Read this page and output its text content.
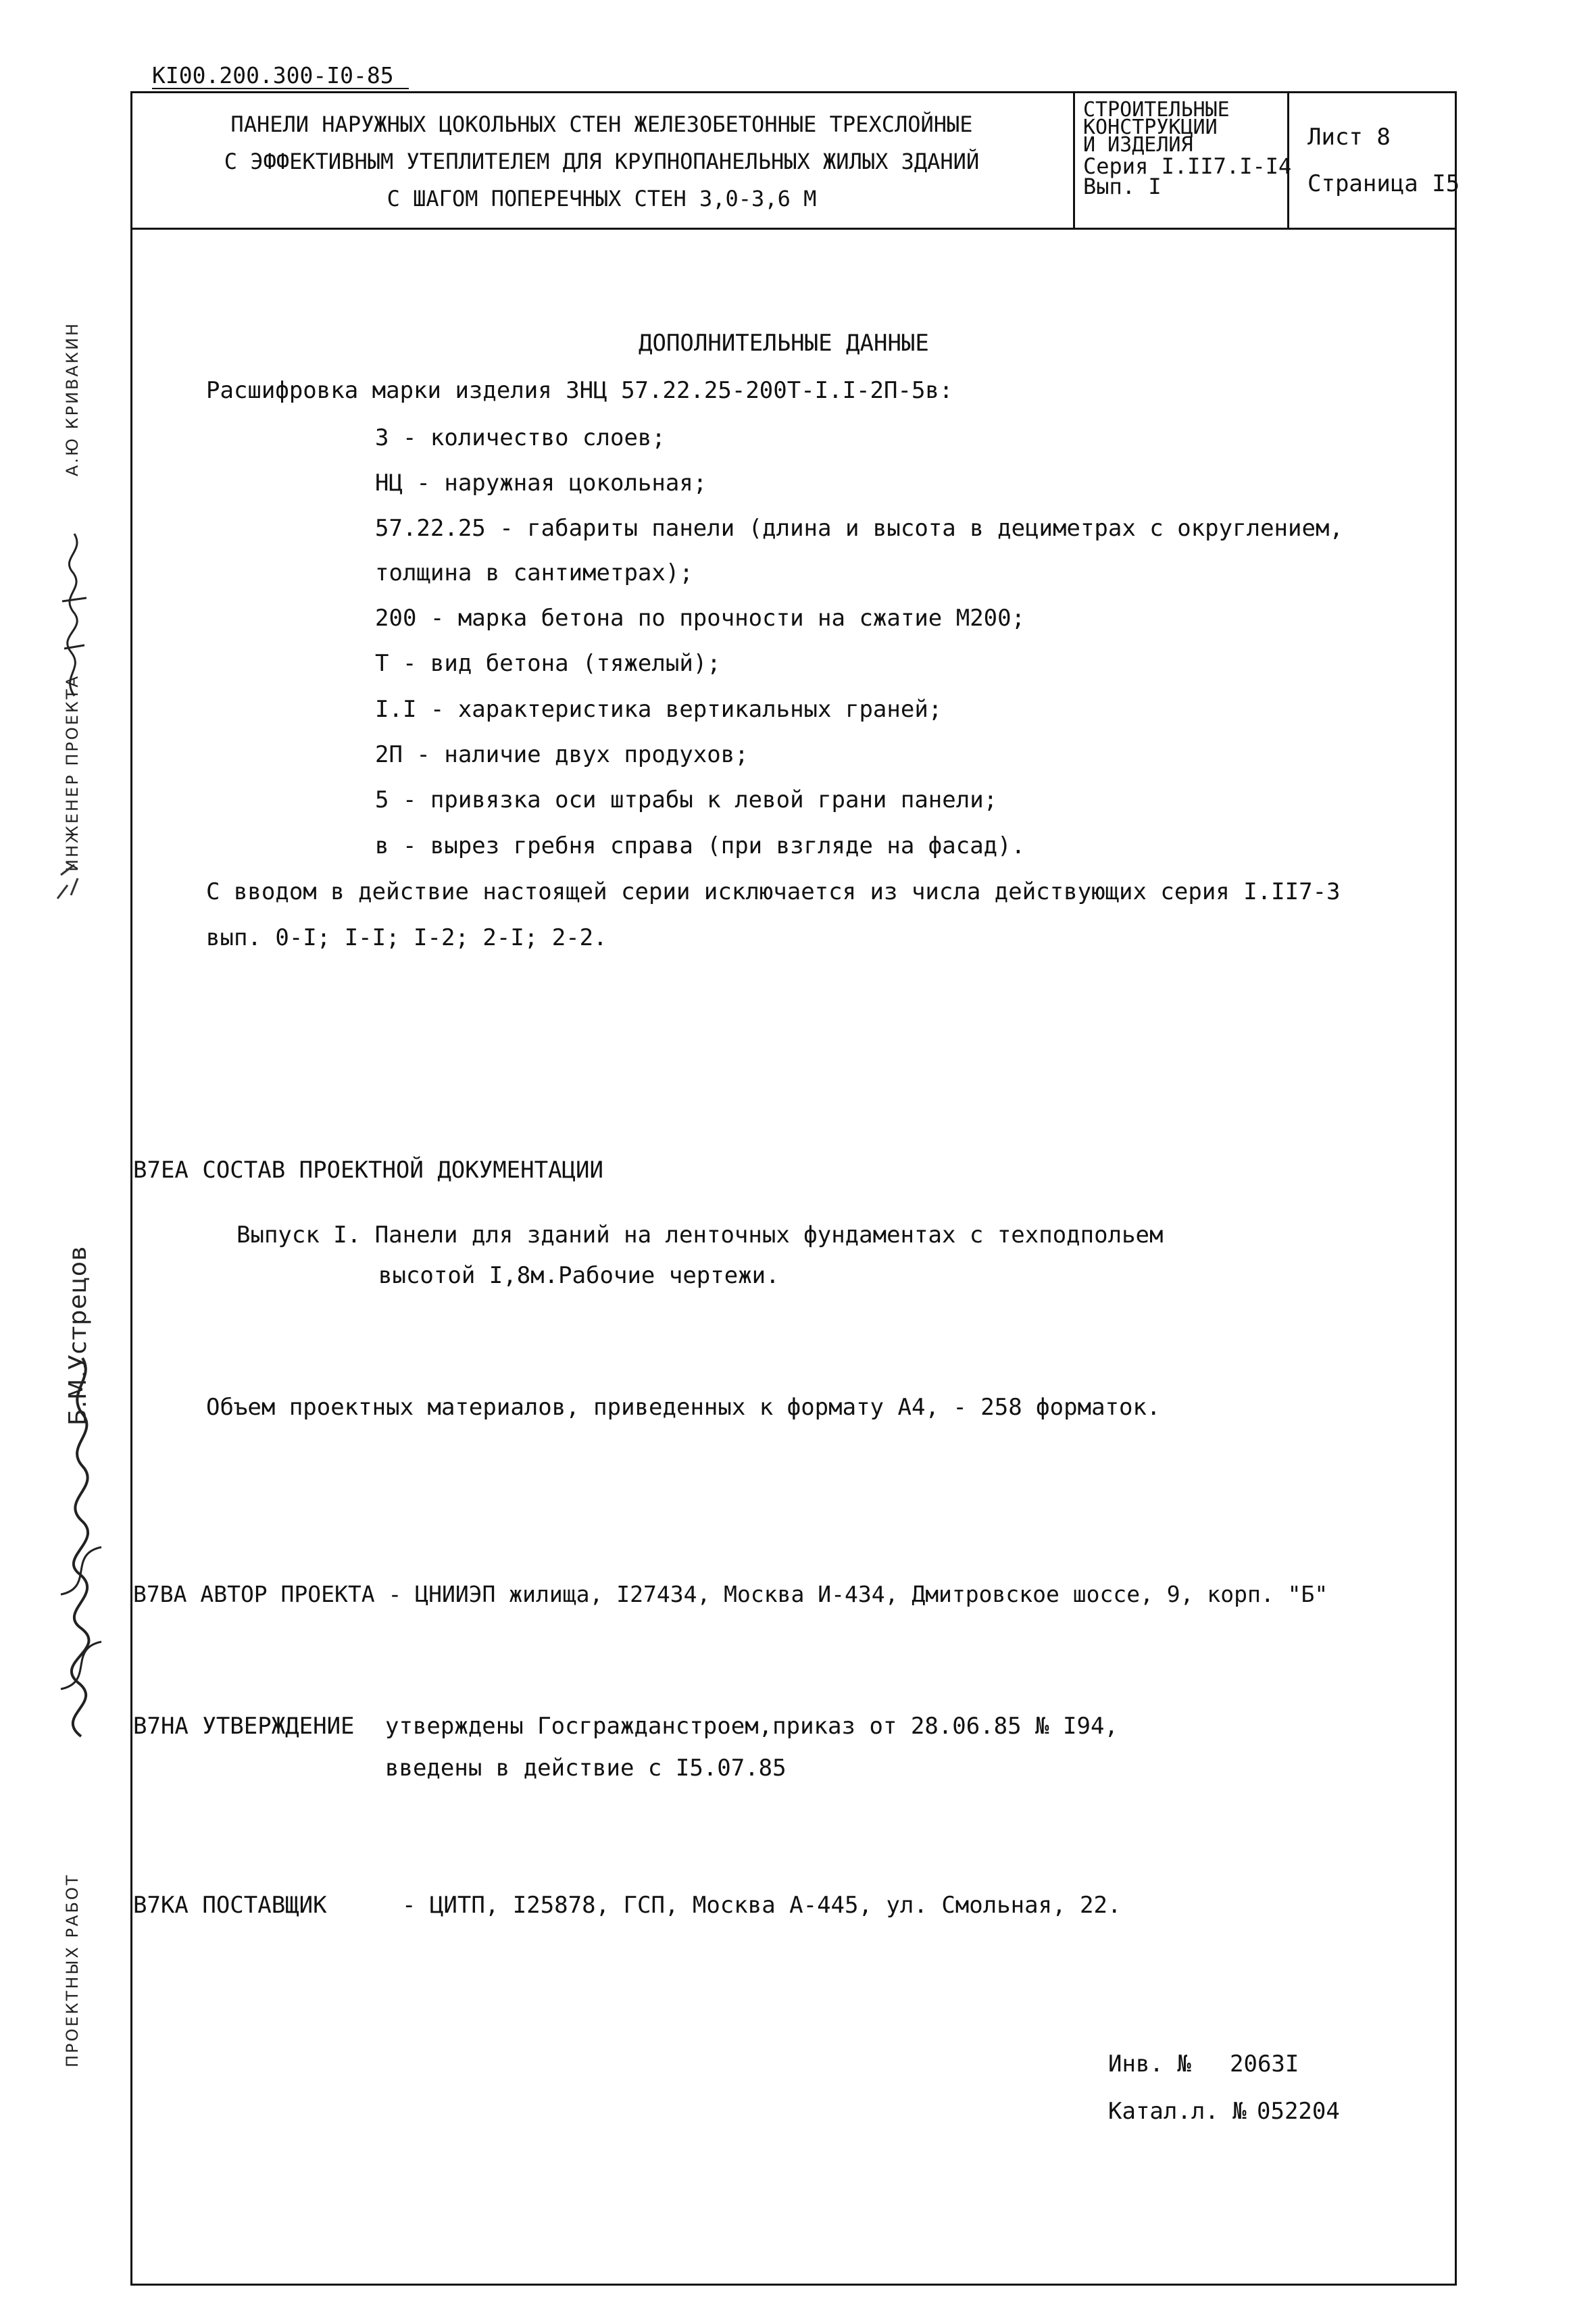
КI00.200.300-I0-85
ПАНЕЛИ НАРУЖНЫХ ЦОКОЛЬНЫХ СТЕН ЖЕЛЕЗОБЕТОННЫЕ ТРЕХСЛОЙНЫЕ
С ЭФФЕКТИВНЫМ УТЕПЛИТЕЛЕМ ДЛЯ КРУПНОПАНЕЛЬНЫХ ЖИЛЫХ ЗДАНИЙ
С ШАГОМ ПОПЕРЕЧНЫХ СТЕН 3,0-3,6 М
СТРОИТЕЛЬНЫЕ
КОНСТРУКЦИИ
И ИЗДЕЛИЯ
Серия I.II7.I-I4
Вып. I
Лист 8
Страница I5
ДОПОЛНИТЕЛЬНЫЕ ДАННЫЕ
Расшифровка марки изделия ЗНЦ 57.22.25-200Т-I.I-2П-5в:
3 - количество слоев;
НЦ - наружная цокольная;
57.22.25 - габариты панели (длина и высота в дециметрах с округлением,
толщина в сантиметрах);
200 - марка бетона по прочности на сжатие М200;
Т - вид бетона (тяжелый);
I.I - характеристика вертикальных граней;
2П - наличие двух продухов;
5 - привязка оси штрабы к левой грани панели;
в - вырез гребня справа (при взгляде на фасад).
С вводом в действие настоящей серии исключается из числа действующих серия I.II7-3
вып. 0-I; I-I; I-2; 2-I; 2-2.
В7ЕА СОСТАВ ПРОЕКТНОЙ ДОКУМЕНТАЦИИ
Выпуск I. Панели для зданий на ленточных фундаментах с техподпольем
высотой I,8м.Рабочие чертежи.
Объем проектных материалов, приведенных к формату А4, - 258 форматок.
В7ВА АВТОР ПРОЕКТА - ЦНИИЭП жилища, I27434, Москва И-434, Дмитровское шоссе, 9, корп. "Б"
В7НА УТВЕРЖДЕНИЕ утверждены Госгражданстроем,приказ от 28.06.85 № I94,
введены в действие с I5.07.85
В7КА ПОСТАВЩИК	- ЦИТП, I25878, ГСП, Москва А-445, ул. Смольная, 22.
Инв. № 2063I
Катал.л. № 052204
ИНЖЕНЕР ПРОЕКТА
А.Ю КРИВАКИН
Б.М.Устрецов
ПРОЕКТНЫХ РАБОТ
